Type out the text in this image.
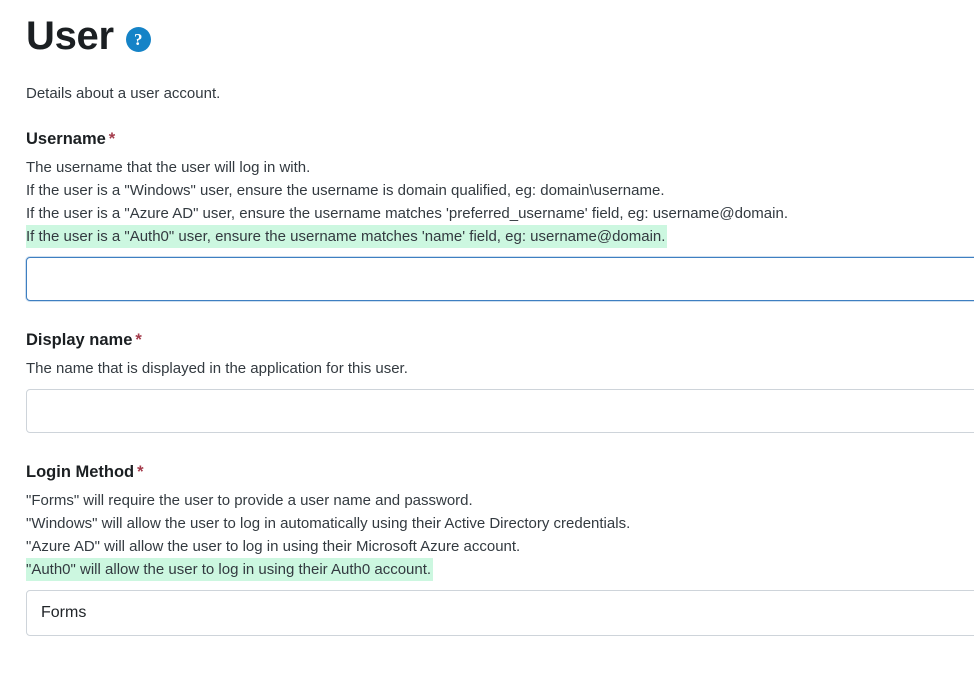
User	?
Details about a user account.
Username *
The username that the user will log in with.
If the user is a "Windows" user, ensure the username is domain qualified, eg: domain\username.
If the user is a "Azure AD" user, ensure the username matches 'preferred_username' field, eg: username@domain.
If the user is a "Auth0" user, ensure the username matches 'name' field, eg: username@domain.
Display name *
The name that is displayed in the application for this user.
Login Method *
"Forms" will require the user to provide a user name and password.
"Windows" will allow the user to log in automatically using their Active Directory credentials.
"Azure AD" will allow the user to log in using their Microsoft Azure account.
"Auth0" will allow the user to log in using their Auth0 account.
Forms
